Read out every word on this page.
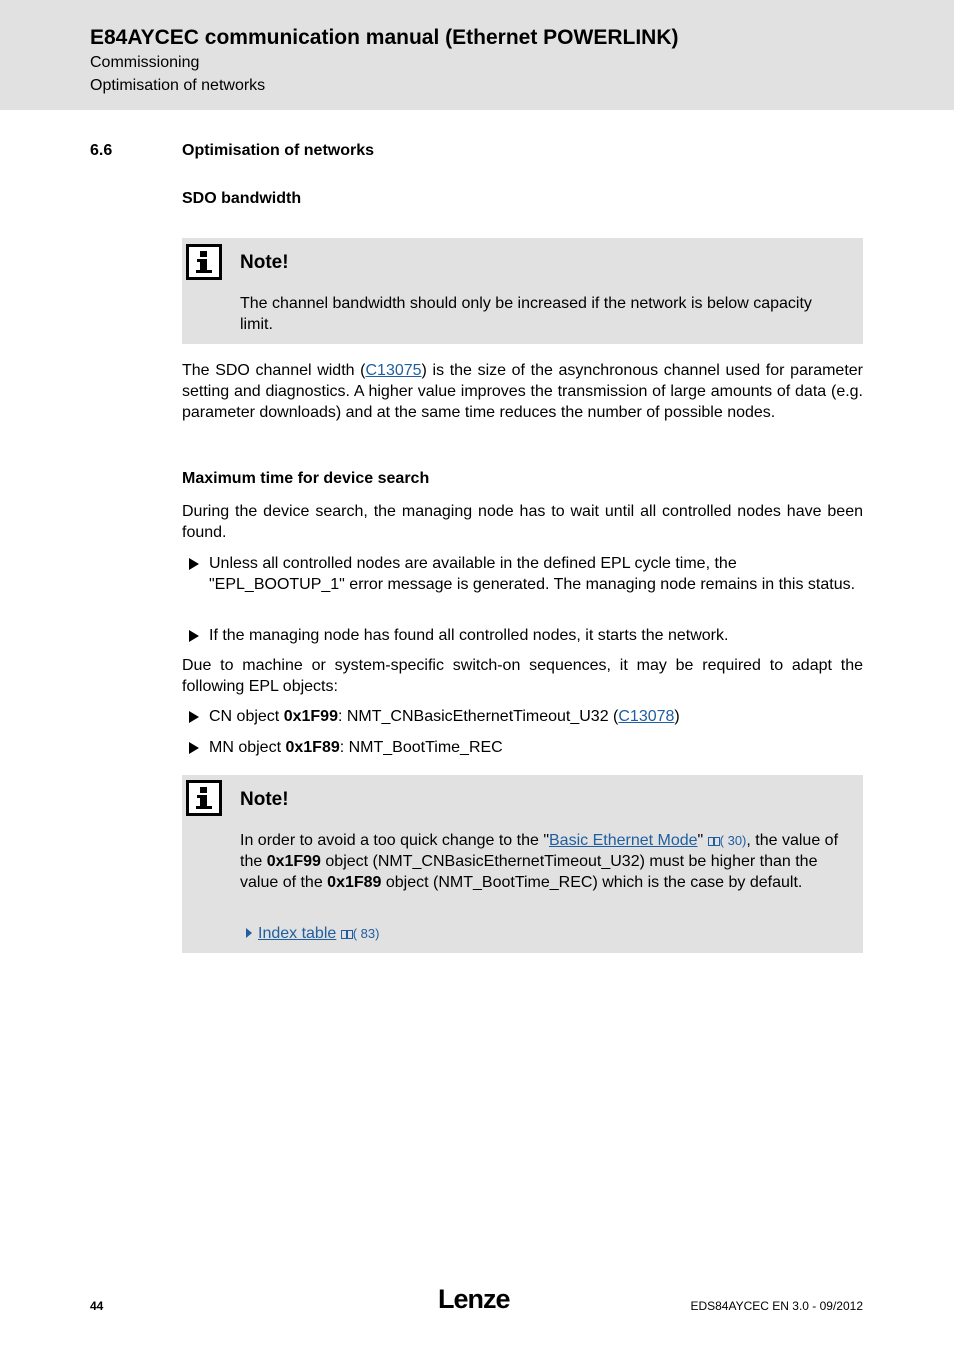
E84AYCEC communication manual (Ethernet POWERLINK)
Commissioning
Optimisation of networks
6.6	Optimisation of networks
SDO bandwidth
Note!
The channel bandwidth should only be increased if the network is below capacity limit.
The SDO channel width (C13075) is the size of the asynchronous channel used for parameter setting and diagnostics. A higher value improves the transmission of large amounts of data (e.g. parameter downloads) and at the same time reduces the number of possible nodes.
Maximum time for device search
During the device search, the managing node has to wait until all controlled nodes have been found.
Unless all controlled nodes are available in the defined EPL cycle time, the "EPL_BOOTUP_1" error message is generated. The managing node remains in this status.
If the managing node has found all controlled nodes, it starts the network.
Due to machine or system-specific switch-on sequences, it may be required to adapt the following EPL objects:
CN object 0x1F99: NMT_CNBasicEthernetTimeout_U32 (C13078)
MN object 0x1F89: NMT_BootTime_REC
Note!
In order to avoid a too quick change to the "Basic Ethernet Mode" ( 30), the value of the 0x1F99 object (NMT_CNBasicEthernetTimeout_U32) must be higher than the value of the 0x1F89 object (NMT_BootTime_REC) which is the case by default.
Index table ( 83)
44	Lenze	EDS84AYCEC EN 3.0 - 09/2012
